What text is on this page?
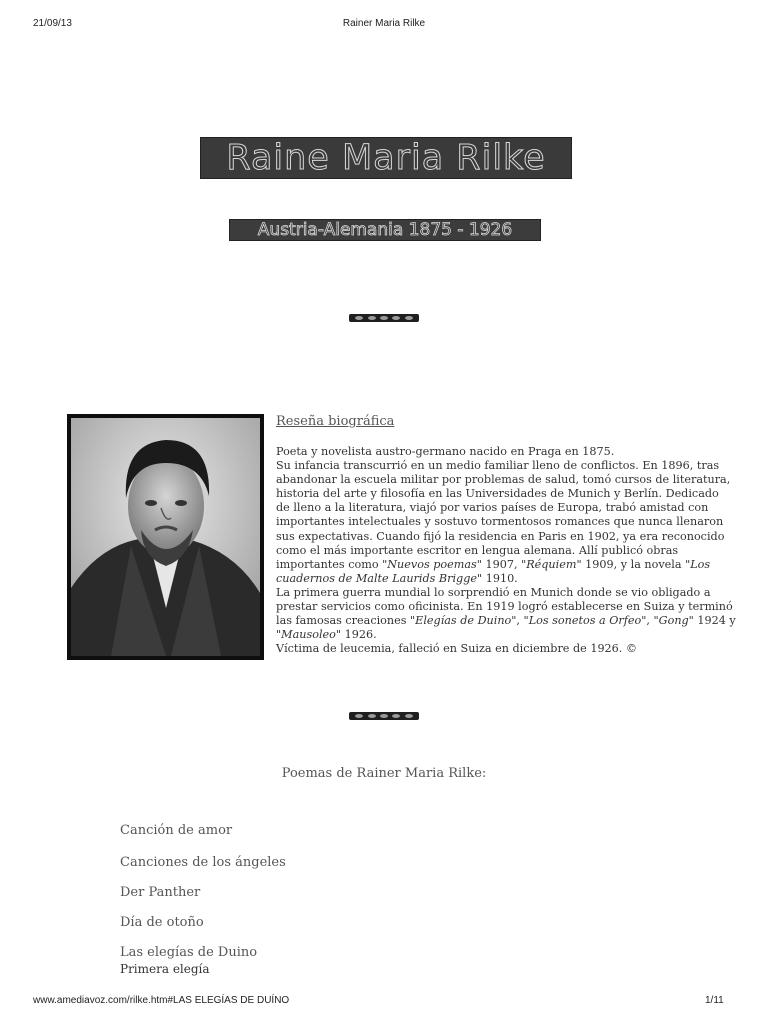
21/09/13	Rainer Maria Rilke
Raine Maria Rilke
Austria-Alemania 1875 - 1926
Reseña biográfica

Poeta y novelista austro-germano nacido en Praga en 1875.

Su infancia transcurrió en un medio familiar lleno de conflictos. En 1896, tras abandonar la escuela militar por problemas de salud, tomó cursos de literatura, historia del arte y filosofía en las Universidades de Munich y Berlín. Dedicado de lleno a la literatura, viajó por varios países de Europa, trabó amistad con importantes intelectuales y sostuvo tormentosos romances que nunca llenaron sus expectativas. Cuando fijó la residencia en Paris en 1902, ya era reconocido como el más importante escritor en lengua alemana. Allí publicó obras importantes como "Nuevos poemas" 1907, "Réquiem" 1909, y la novela "Los cuadernos de Malte Laurids Brigge" 1910.

La primera guerra mundial lo sorprendió en Munich donde se vio obligado a prestar servicios como oficinista. En 1919 logró establecerse en Suiza y terminó las famosas creaciones "Elegías de Duino", "Los sonetos a Orfeo", "Gong" 1924 y "Mausoleo" 1926.

Víctima de leucemia, falleció en Suiza en diciembre de 1926. ©

Poemas de Rainer Maria Rilke:
Canción de amor
Canciones de los ángeles
Der Panther
Día de otoño
Las elegías de Duino
Primera elegía
www.amediavoz.com/rilke.htm#LAS ELEGÍAS DE DUÍNO	1/11
